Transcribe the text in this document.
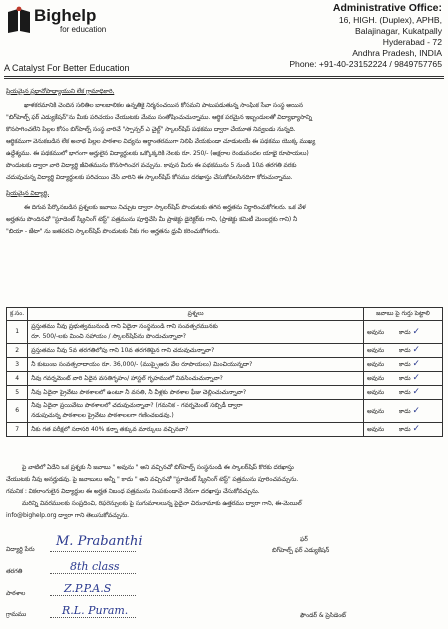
Bighelp
for education
A Catalyst For Better Education
Administrative Office:
16, HIGH. (Duplex), APHB,
Balajinagar, Kukatpally
Hyderabad - 72
Andhra Pradesh, INDIA
Phone: +91-40-23152224 / 9849757765
ప్రియమైన ప్రధానోపాధ్యాయుని లేక గ్రామాధికారి,
ఖాళకరమానికి చెందిన సలితిల బాలబాలికల ఉన్నతికై నిర్మనంచయిన కోసమని పాటుపడుతున్న సాంఘిక సేవా సంస్థ అయిన
"బిగ్‌హెల్ప్ ఫర్ ఎడ్యుకేషన్"ను మీకు పరిచయం చేయుటకు మేము సంతోషించుచున్నాము. ఆర్థిక పరమైన ఇబ్బందులతో విద్యాభ్యాసాన్ని
కొనసాగించలేని పిల్లల కోసం బిగ్‌హెల్ప్ సంస్థ వారిచే "స్పాన్సర్ ఎ చైల్డ్" స్కాలర్‌షిప్ పథకము ద్వారా చేయూత నివ్వబడు నున్నది.
ఆర్థికముగా వెనుకబడిన లేక అనాథ పిల్లల పాఠశాల విద్యను ఆర్థాంతరముగా నిలిపి వేయకుండా చూడుటయే ఈ పథకము యొక్క ముఖ్య
ఉద్దేశ్యము. ఈ పథకములో భాగంగా అర్హులైన విద్యార్థులకు ఒక్కొక్కరికి నెలకు రూ. 250/- (అక్షరాల రెండువందల యాభై రూపాయలు)
పొందుటకు ద్వారా వారి విద్యార్థి జీవితమును కొనసాగించగ వచ్చును. కావున మీరు ఈ పథకమును 5 నుండి 10వ తరగతి వరకు
చదువుచున్న విద్యార్థి విద్యార్థులకు పరిచయిం చేసి వారిని ఈ స్కాలర్‌షిప్ కోసము దరఖాస్తు చేసుకోవలసినదిగా కోరుచున్నాము.
ప్రియమైన విద్యార్థి,
ఈ దిగువ పేర్కొనబడిన ప్రశ్నలకు జవాబు నిచ్చుట ద్వారా స్కాలర్‌షిప్ పొందుటకు తగిన అర్హతను నిర్ధారించుకోగలరు. ఒక వేళ
అర్హతను పొందినచో "స్టూడెంట్ స్క్రీనింగ్ టెస్ట్" పత్రమును పూర్తిచేసి మీ ప్రాజెక్టు డైరెక్టర్‌కు గాని, (ప్రాజెక్టు కమిటీ మెంబర్లకు గాని) నీ
"బియా - జేటా" ను జతపరచి స్కాలర్‌షిప్ పొందుటకు నీకు గల అర్హతను ధ్రువీ కరించుకోగలరు.
క్ర.సం.	ప్రశ్నలు	జవాబు పై గుర్తు పెట్టాలి
1	ప్రస్తుతము నీవు ప్రభుత్వమునుండి గాని ఏదైనా సంస్థనుండి గాని సంవత్సరమునకు
రూ. 500/-లకు మించి సహాయం / స్కాలర్‌షిప్‌ను పొందుచున్నావా?	అవును కాదు ✓
2	ప్రస్తుతము నీవు 5వ తరగతిలోపు గాని 10వ తరగతిపైన గాని చదువుచున్నావా?	అవును కాదు ✓
3	నీ కుటుంబ సంవత్సరాదాయం రూ. 36,000/- (ముప్పైఆరు వేల రూపాయలు) మించియున్నదా?	అవును కాదు ✓
4	నీవు గవర్నమెంట్ వారి ఏదైన వసతిగృహం/ హాస్టల్ గృహములో నివసించుచున్నావా?	అవును కాదు ✓
5	నీవు ఏదైనా ప్రైవేటు పాఠశాలలో ఉంటూ నీ వసతి, నీ వీళ్లకు పాఠశాల ఫీజు చెల్లించుచున్నావా?	అవును కాదు ✓
6	నీవు ఏదైనా ప్రయివేటు పాఠశాలలో చదువుచున్నావా? (గమనిక - గవర్నమెంట్ సబ్సిడీ ద్వారా
నడుపుచున్న పాఠశాలల ప్రైవేటు పాఠశాలలగా గణించబడవు.)	అవును కాదు ✓
7	నీకు గత పరీక్షలో సరాసరి 40% కన్నా తక్కువ మార్కులు వచ్చినవా?	అవును కాదు ✓
పై వాటిలో ఏదేని ఒక ప్రశ్నకు నీ జవాబు " అవును " అని వచ్చినచో బిగ్‌హెల్ప్ సంస్థనుండి ఈ స్కాలర్‌షిప్ కొరకు దరఖాస్తు
చేయుటకు నీవు అనర్హుడవు. పై జవాబులు అన్నీ " కాదు " అని వచ్చినచో "స్టూడెంట్ స్క్రీనింగ్ టెస్ట్" పత్రమును పూరించవచ్చును.
గమనిక : వికలాంగులైన విద్యార్థుల ఈ అర్హత నిబంధ పత్రమును నింపకుండానే నేరుగా దరఖాస్తు చేసుకోవచ్చును.
మరిన్ని వివరములకు సంప్రదించి, రిఫరెన్సులకు పై సుగుమాలలున్న పైదైనా చిరునామాకు ఉత్తరము ద్వారా గాని, ఈ-మెయిల్
info@bighelp.org ద్వారా గాని తెలుసుకోవచ్చును.
విద్యార్థి పేరు
M. Prabanthi
తరగతి	8th class
పాఠశాల	Z.P.P.A.S
గ్రామము	R.L. Puram.
ఫర్
బిగ్‌హెల్ప్ ఫర్ ఎడ్యుకేషన్
ఫౌండర్ & ప్రెసిడెంట్
